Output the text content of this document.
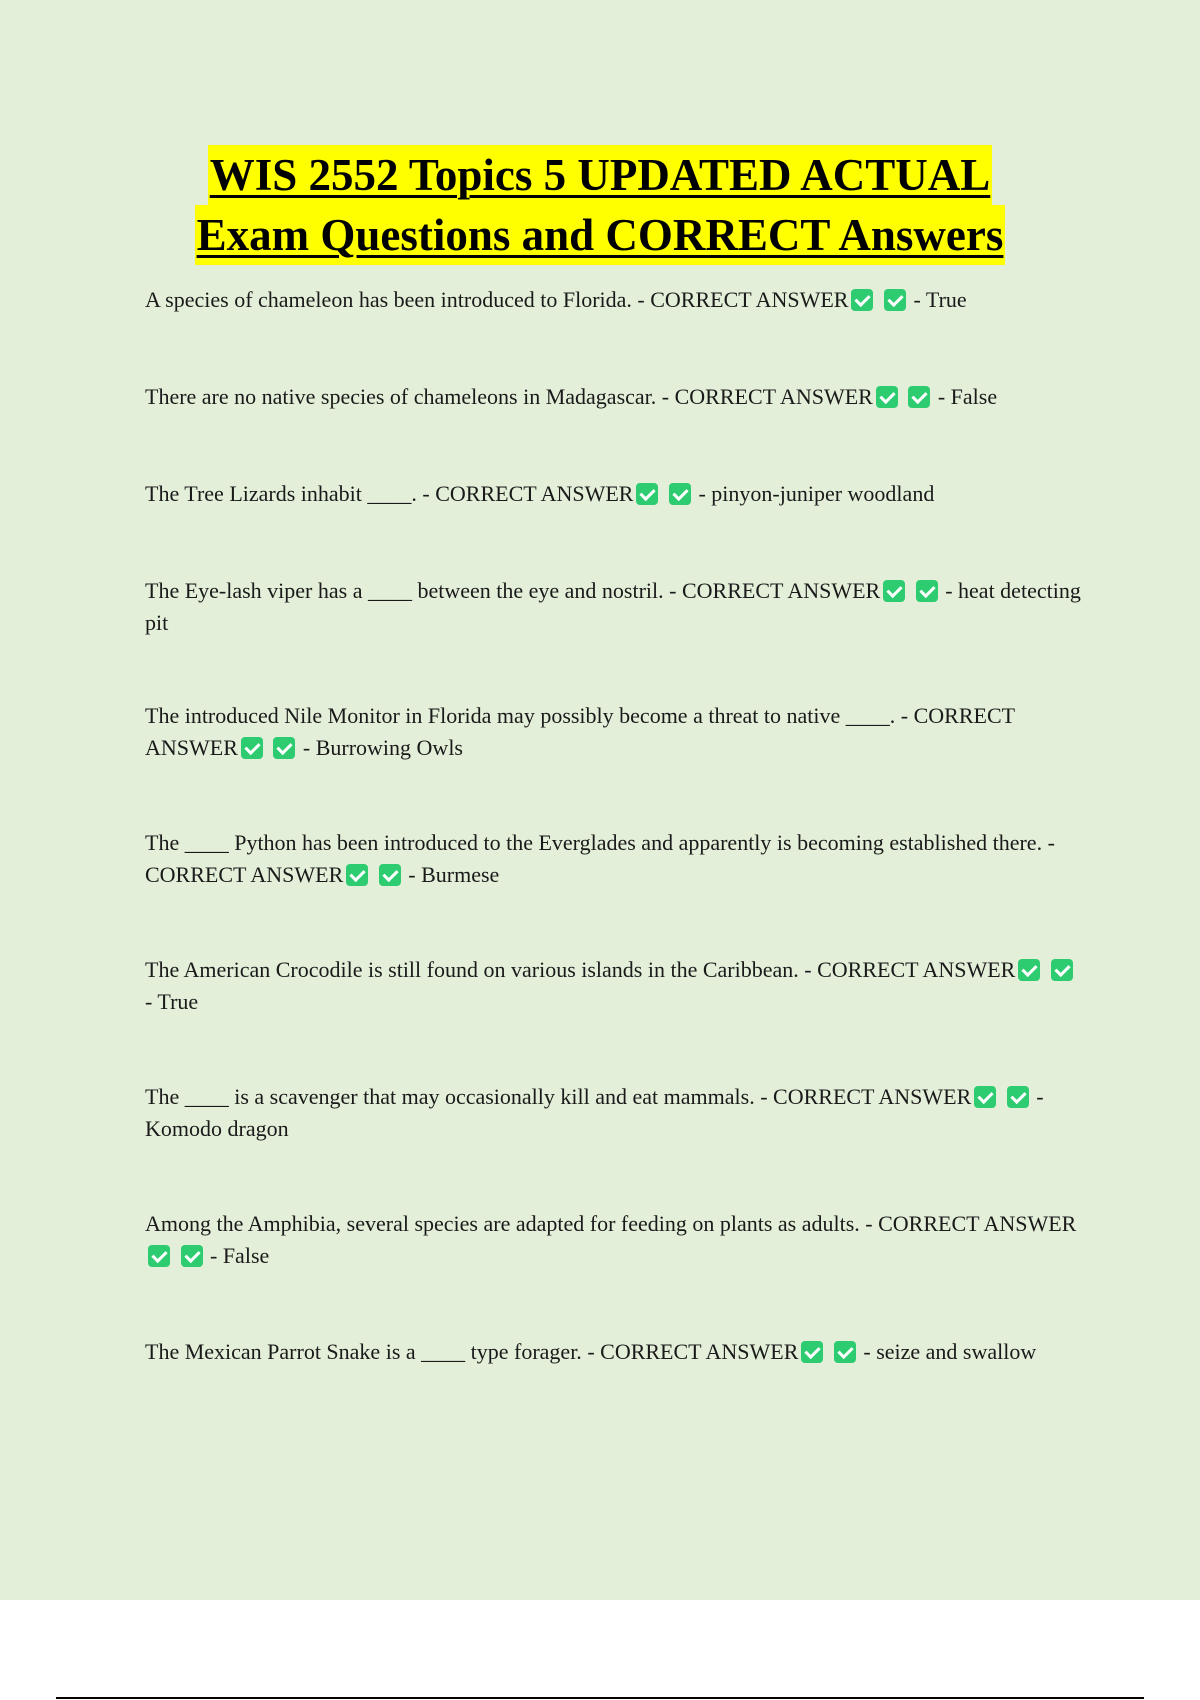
WIS 2552 Topics 5 UPDATED ACTUAL
Exam Questions and CORRECT Answers

A species of chameleon has been introduced to Florida. - CORRECT ANSWER	- True

There are no native species of chameleons in Madagascar. - CORRECT ANSWER	- False

The Tree Lizards inhabit ____. - CORRECT ANSWER	- pinyon-juniper woodland

The Eye-lash viper has a ____ between the eye and nostril. - CORRECT ANSWER	- heat detecting pit

The introduced Nile Monitor in Florida may possibly become a threat to native ____. - CORRECT ANSWER	- Burrowing Owls

The ____ Python has been introduced to the Everglades and apparently is becoming established there. - CORRECT ANSWER	- Burmese

The American Crocodile is still found on various islands in the Caribbean. - CORRECT ANSWER  - True

The ____ is a scavenger that may occasionally kill and eat mammals. - CORRECT ANSWER	- Komodo dragon

Among the Amphibia, several species are adapted for feeding on plants as adults. - CORRECT ANSWER  - False

The Mexican Parrot Snake is a ____ type forager. - CORRECT ANSWER	- seize and swallow
